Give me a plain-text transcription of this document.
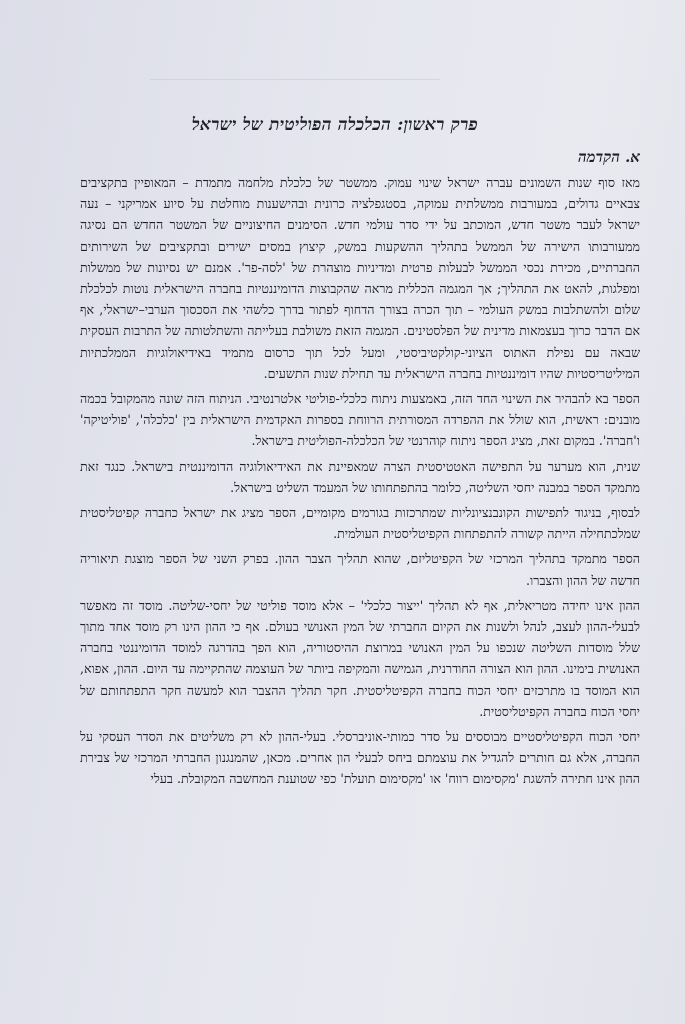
פרק ראשון: הכלכלה הפוליטית של ישראל
א. הקדמה

מאז סוף שנות השמונים עברה ישראל שינוי עמוק. ממשטר של כלכלת מלחמה מתמדת – המאופיין בתקציבים צבאיים גדולים, במעורבות ממשלתית עמוקה, בסטגפלציה כרונית ובהישענות מוחלטת על סיוע אמריקני – נעה ישראל לעבר משטר חדש, המוכתב על ידי סדר עולמי חדש. הסימנים החיצוניים של המשטר החדש הם נסיגה ממעורבותו הישירה של הממשל בתהליך ההשקעות במשק, קיצוץ במסים ישירים ובתקציבים של השירותים החברתיים, מכירת נכסי הממשל לבעלות פרטית ומדיניות מוצהרת של 'לסה-פר'. אמנם יש נסיונות של ממשלות ומפלגות, להאט את התהליך; אך המגמה הכללית מראה שהקבוצות הדומיננטיות בחברה הישראלית נוטות לכלכלת שלום ולהשתלבות במשק העולמי – תוך הכרה בצורך הדחוף לפתור בדרך כלשהי את הסכסוך הערבי–ישראלי, אף אם הדבר כרוך בעצמאות מדינית של הפלסטינים. המגמה הזאת משולבת בעלייתה והשתלטותה של התרבות העסקית שבאה עם נפילת האתוס הציוני-קולקטיביסטי, ומעל לכל תוך כרסום מתמיד באידיאולוגיות הממלכתיות המיליטריסטיות שהיו דומיננטיות בחברה הישראלית עד תחילת שנות התשעים.

הספר בא להבהיר את השינוי החד הזה, באמצעות ניתוח כלכלי-פוליטי אלטרנטיבי. הניתוח הזה שונה מהמקובל בכמה מובנים: ראשית, הוא שולל את ההפרדה המסורתית הרווחת בספרות האקדמית הישראלית בין 'כלכלה', 'פוליטיקה' ו'חברה'. במקום זאת, מציג הספר ניתוח קוהרנטי של הכלכלה-הפוליטית בישראל.

שנית, הוא מערער על התפישה האטטיסטית הצרה שמאפיינת את האידיאולוגיה הדומיננטית בישראל. כנגד זאת מתמקד הספר במבנה יחסי השליטה, כלומר בהתפתחותו של המעמד השליט בישראל.

לבסוף, בניגוד לתפישות הקונבנציונליות שמתרכזות בגורמים מקומיים, הספר מציג את ישראל כחברה קפיטליסטית שמלכתחילה הייתה קשורה להתפתחות הקפיטליסטית העולמית.

הספר מתמקד בתהליך המרכזי של הקפיטליזם, שהוא תהליך הצבר ההון. בפרק השני של הספר מוצגת תיאוריה חדשה של ההון והצברו.

ההון אינו יחידה מטריאלית, אף לא תהליך 'ייצור כלכלי' – אלא מוסד פוליטי של יחסי-שליטה. מוסד זה מאפשר לבעלי-ההון לעצב, לנהל ולשנות את הקיום החברתי של המין האנושי בעולם. אף כי ההון הינו רק מוסד אחד מתוך שלל מוסדות השליטה שנכפו על המין האנושי במרוצת ההיסטוריה, הוא הפך בהדרגה למוסד הדומיננטי בחברה האנושית בימינו. ההון הוא הצורה החודרנית, הגמישה והמקיפה ביותר של העוצמה שהתקיימה עד היום. ההון, אפוא, הוא המוסד בו מתרכזים יחסי הכוח בחברה הקפיטליסטית. חקר תהליך ההצבר הוא למעשה חקר התפתחותם של יחסי הכוח בחברה הקפיטליסטית.

יחסי הכוח הקפיטליסטיים מבוססים על סדר כמותי-אוניברסלי. בעלי-ההון לא רק משליטים את הסדר העסקי על החברה, אלא גם חותרים להגדיל את עוצמתם ביחס לבעלי הון אחרים. מכאן, שהמנגנון החברתי המרכזי של צבירת ההון אינו חתירה להשגת 'מקסימום רווח' או 'מקסימום תועלת' כפי שטוענת המחשבה המקובלת. בעלי
